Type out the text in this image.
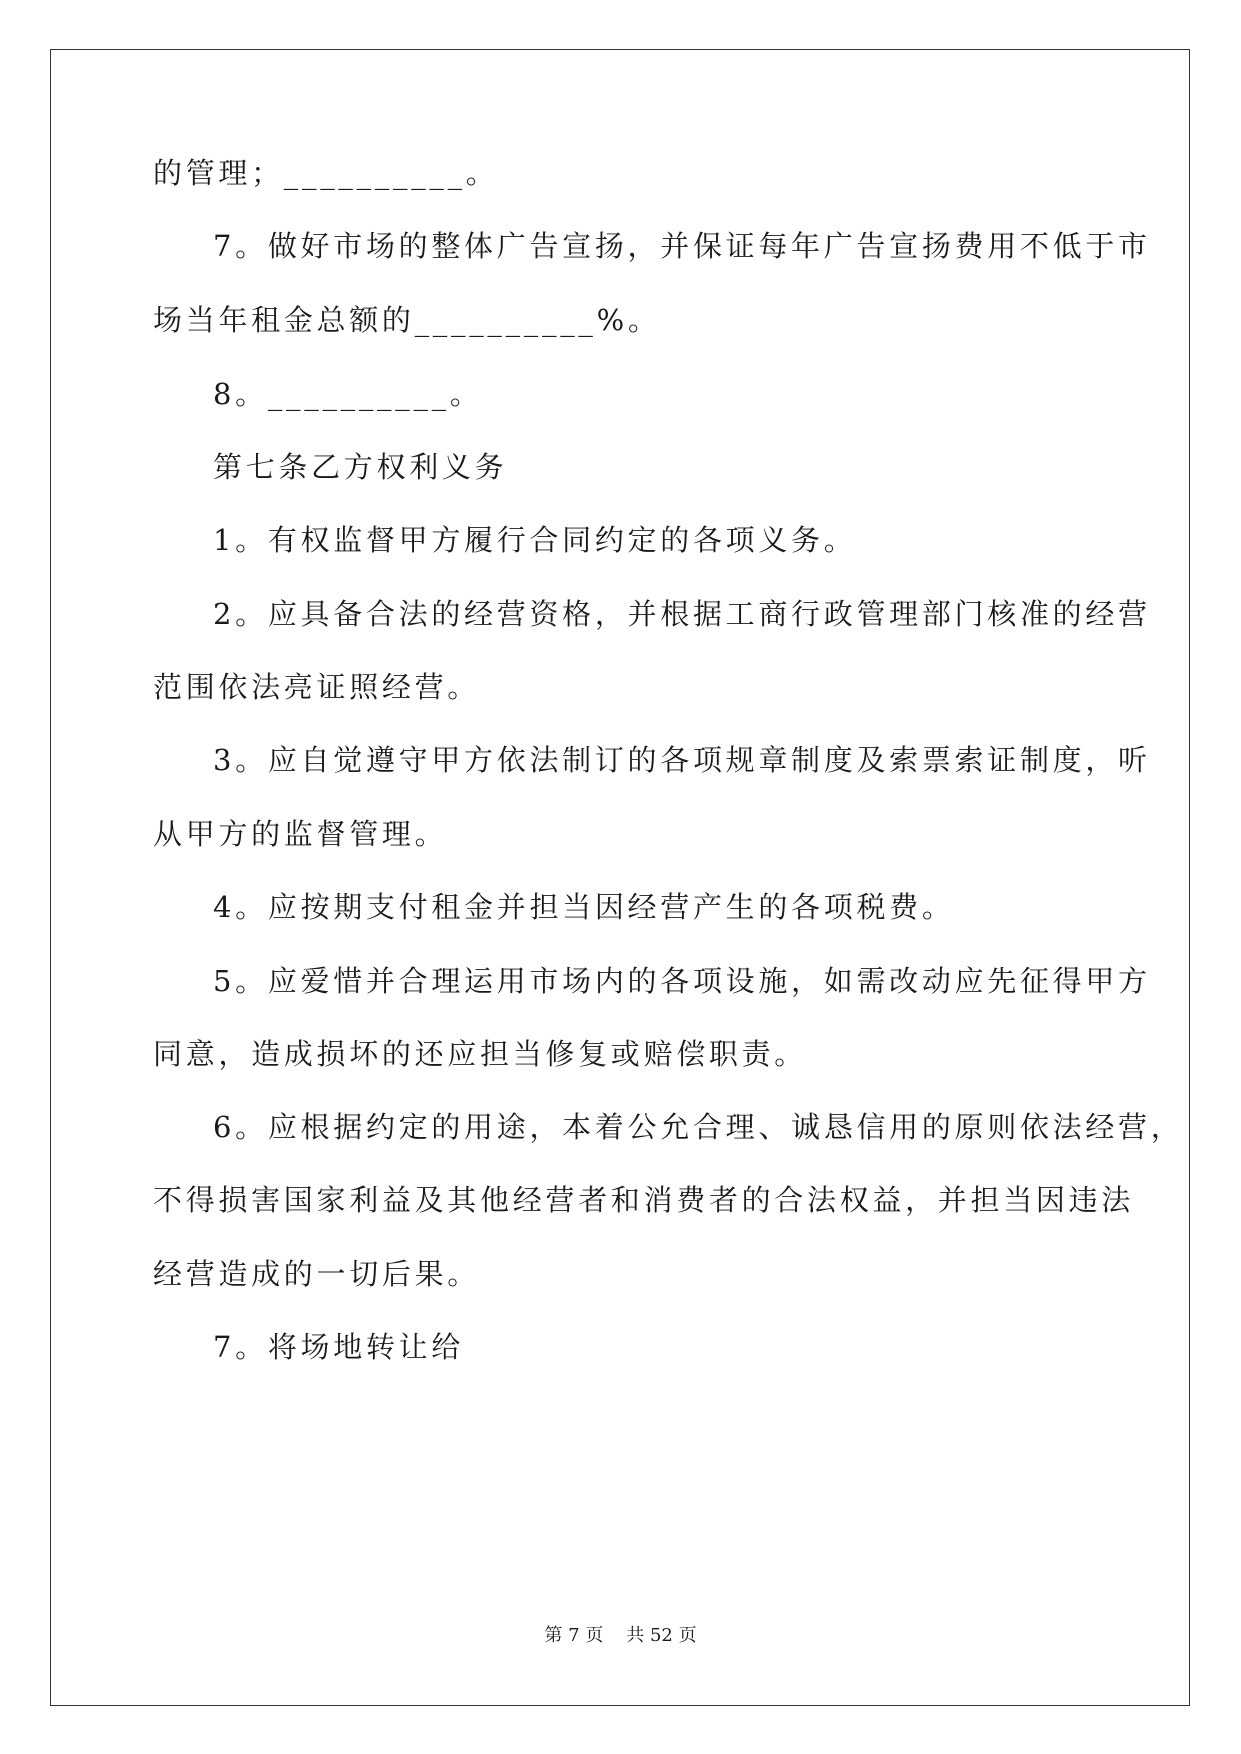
的管理；__________。

7。做好市场的整体广告宣扬，并保证每年广告宣扬费用不低于市

场当年租金总额的__________%。

8。__________。

第七条乙方权利义务

1。有权监督甲方履行合同约定的各项义务。

2。应具备合法的经营资格，并根据工商行政管理部门核准的经营

范围依法亮证照经营。

3。应自觉遵守甲方依法制订的各项规章制度及索票索证制度，听

从甲方的监督管理。

4。应按期支付租金并担当因经营产生的各项税费。

5。应爱惜并合理运用市场内的各项设施，如需改动应先征得甲方

同意，造成损坏的还应担当修复或赔偿职责。

6。应根据约定的用途，本着公允合理、诚恳信用的原则依法经营，

不得损害国家利益及其他经营者和消费者的合法权益，并担当因违法

经营造成的一切后果。

7。将场地转让给

第 7 页 共 52 页
